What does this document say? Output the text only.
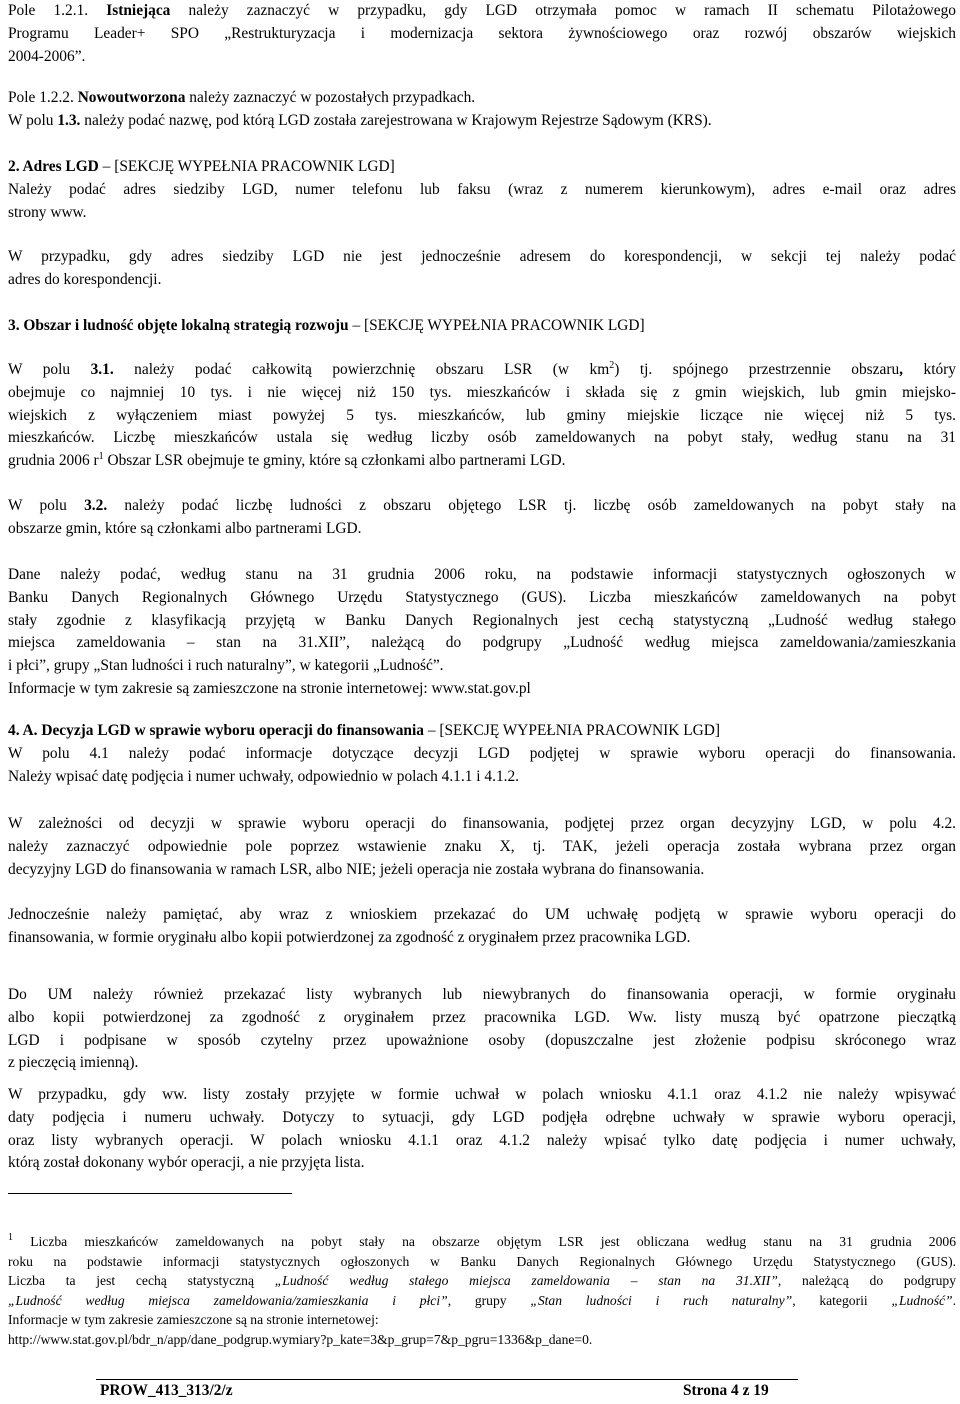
Pole 1.2.1. Istniejąca należy zaznaczyć w przypadku, gdy LGD otrzymała pomoc w ramach II schematu Pilotażowego
Programu Leader+ SPO „Restrukturyzacja i modernizacja sektora żywnościowego oraz rozwój obszarów wiejskich
2004-2006”.
Pole 1.2.2. Nowoutworzona należy zaznaczyć w pozostałych przypadkach.
W polu 1.3. należy podać nazwę, pod którą LGD została zarejestrowana w Krajowym Rejestrze Sądowym (KRS).
2. Adres LGD – [SEKCJĘ WYPEŁNIA PRACOWNIK LGD]
Należy podać adres siedziby LGD, numer telefonu lub faksu (wraz z numerem kierunkowym), adres e-mail oraz adres
strony www.
W przypadku, gdy adres siedziby LGD nie jest jednocześnie adresem do korespondencji, w sekcji tej należy podać
adres do korespondencji.
3. Obszar i ludność objęte lokalną strategią rozwoju – [SEKCJĘ WYPEŁNIA PRACOWNIK LGD]
W polu 3.1. należy podać całkowitą powierzchnię obszaru LSR (w $km^2$) tj. spójnego przestrzennie obszaru, który
obejmuje co najmniej 10 tys. i nie więcej niż 150 tys. mieszkańców i składa się z gmin wiejskich, lub gmin miejsko-
wiejskich z wyłączeniem miast powyżej 5 tys. mieszkańców, lub gminy miejskie liczące nie więcej niż 5 tys.
mieszkańców. Liczbę mieszkańców ustala się według liczby osób zameldowanych na pobyt stały, według stanu na 31
grudnia 2006 $r^1$ Obszar LSR obejmuje te gminy, które są członkami albo partnerami LGD.
W polu 3.2. należy podać liczbę ludności z obszaru objętego LSR tj. liczbę osób zameldowanych na pobyt stały na
obszarze gmin, które są członkami albo partnerami LGD.
Dane należy podać, według stanu na 31 grudnia 2006 roku, na podstawie informacji statystycznych ogłoszonych w
Banku Danych Regionalnych Głównego Urzędu Statystycznego (GUS). Liczba mieszkańców zameldowanych na pobyt
stały zgodnie z klasyfikacją przyjętą w Banku Danych Regionalnych jest cechą statystyczną „Ludność według stałego
miejsca zameldowania – stan na 31.XII”, należącą do podgrupy „Ludność według miejsca zameldowania/zamieszkania
i płci”, grupy „Stan ludności i ruch naturalny”, w kategorii „Ludność”.
Informacje w tym zakresie są zamieszczone na stronie internetowej: www.stat.gov.pl
4. A. Decyzja LGD w sprawie wyboru operacji do finansowania – [SEKCJĘ WYPEŁNIA PRACOWNIK LGD]
W polu 4.1 należy podać informacje dotyczące decyzji LGD podjętej w sprawie wyboru operacji do finansowania.
Należy wpisać datę podjęcia i numer uchwały, odpowiednio w polach 4.1.1 i 4.1.2.
W zależności od decyzji w sprawie wyboru operacji do finansowania, podjętej przez organ decyzyjny LGD, w polu 4.2.
należy zaznaczyć odpowiednie pole poprzez wstawienie znaku X, tj. TAK, jeżeli operacja została wybrana przez organ
decyzyjny LGD do finansowania w ramach LSR, albo NIE; jeżeli operacja nie została wybrana do finansowania.
Jednocześnie należy pamiętać, aby wraz z wnioskiem przekazać do UM uchwałę podjętą w sprawie wyboru operacji do
finansowania, w formie oryginału albo kopii potwierdzonej za zgodność z oryginałem przez pracownika LGD.
Do UM należy również przekazać listy wybranych lub niewybranych do finansowania operacji, w formie oryginału
albo kopii potwierdzonej za zgodność z oryginałem przez pracownika LGD. Ww. listy muszą być opatrzone pieczątką
LGD i podpisane w sposób czytelny przez upoważnione osoby (dopuszczalne jest złożenie podpisu skróconego wraz
z pieczęcią imienną).
W przypadku, gdy ww. listy zostały przyjęte w formie uchwał w polach wniosku 4.1.1 oraz 4.1.2 nie należy wpisywać
daty podjęcia i numeru uchwały. Dotyczy to sytuacji, gdy LGD podjęła odrębne uchwały w sprawie wyboru operacji,
oraz listy wybranych operacji. W polach wniosku 4.1.1 oraz 4.1.2 należy wpisać tylko datę podjęcia i numer uchwały,
którą został dokonany wybór operacji, a nie przyjęta lista.
$^1$ Liczba mieszkańców zameldowanych na pobyt stały na obszarze objętym LSR jest obliczana według stanu na 31 grudnia 2006
roku na podstawie informacji statystycznych ogłoszonych w Banku Danych Regionalnych Głównego Urzędu Statystycznego (GUS).
Liczba ta jest cechą statystyczną „Ludność według stałego miejsca zameldowania – stan na 31.XII”, należącą do podgrupy
„Ludność według miejsca zameldowania/zamieszkania i płci”, grupy „Stan ludności i ruch naturalny”, kategorii „Ludność”.
Informacje w tym zakresie zamieszczone są na stronie internetowej:
http://www.stat.gov.pl/bdr_n/app/dane_podgrup.wymiary?p_kate=3&p_grup=7&p_pgru=1336&p_dane=0.
PROW_413_313/2/z	Strona 4 z 19
